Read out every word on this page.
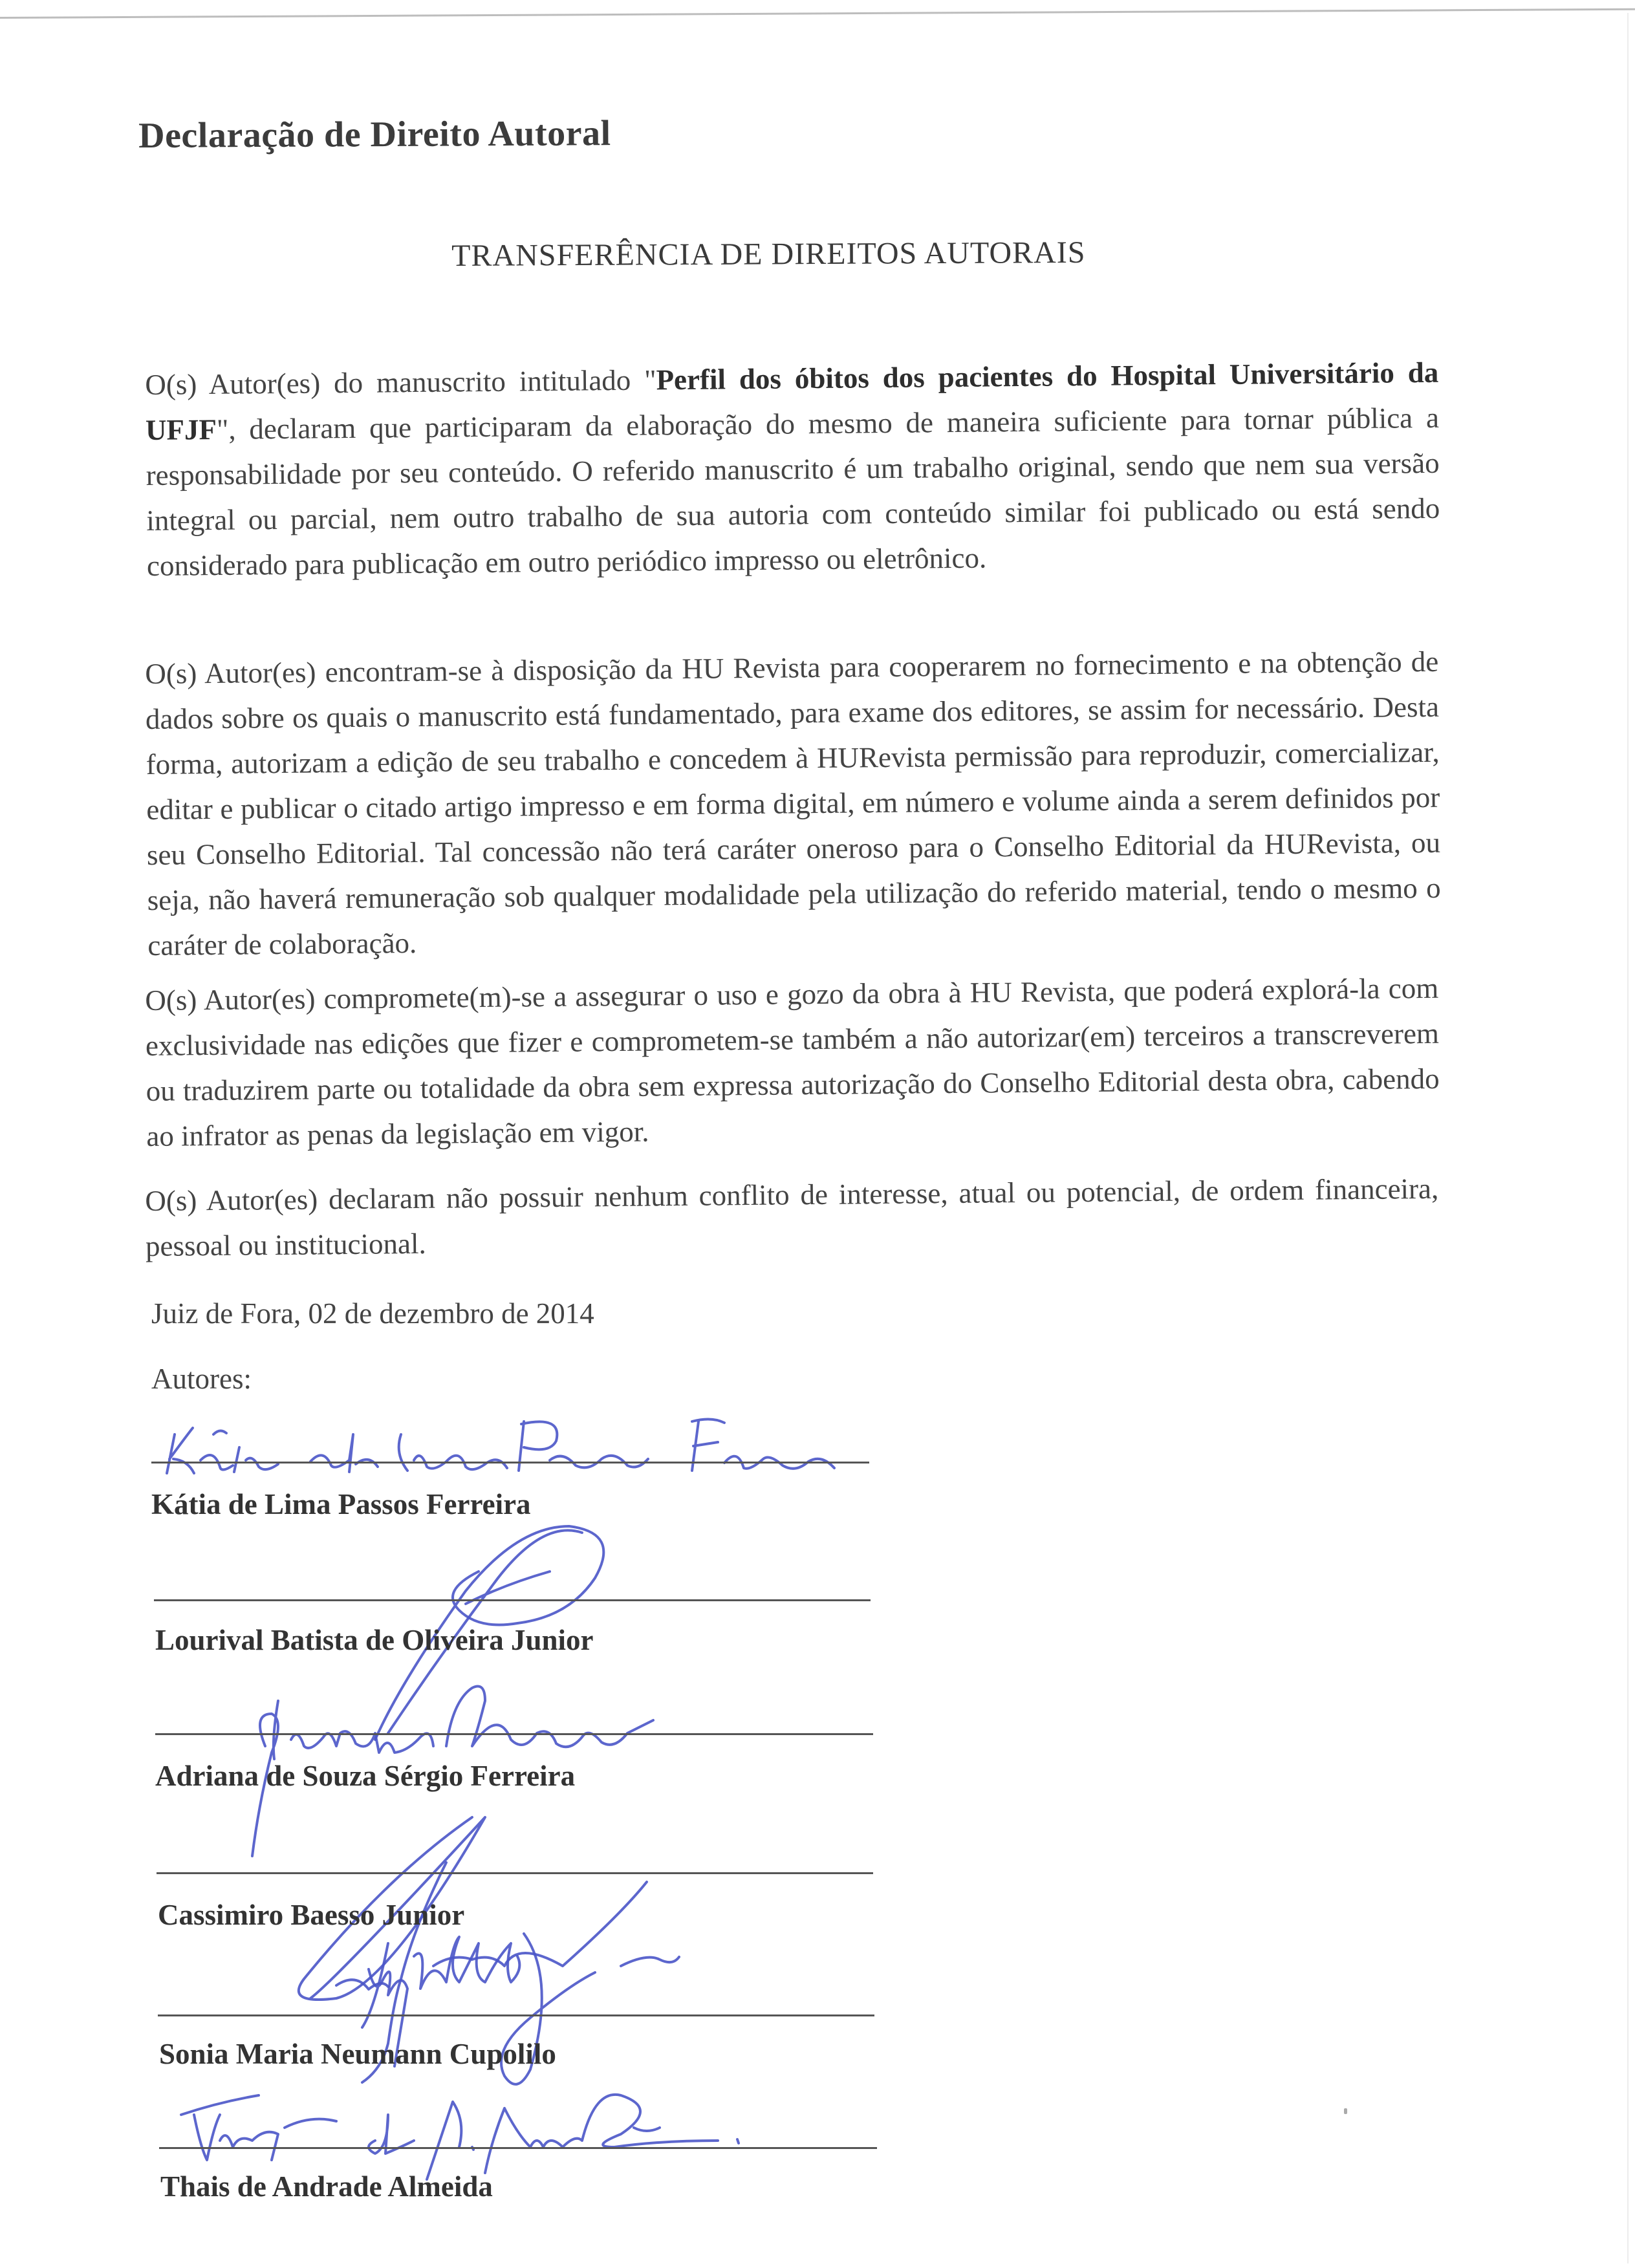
Declaração de Direito Autoral
TRANSFERÊNCIA DE DIREITOS AUTORAIS
O(s) Autor(es) do manuscrito intitulado "Perfil dos óbitos dos pacientes do Hospital Universitário da UFJF", declaram que participaram da elaboração do mesmo de maneira suficiente para tornar pública a responsabilidade por seu conteúdo. O referido manuscrito é um trabalho original, sendo que nem sua versão integral ou parcial, nem outro trabalho de sua autoria com conteúdo similar foi publicado ou está sendo considerado para publicação em outro periódico impresso ou eletrônico.
O(s) Autor(es) encontram-se à disposição da HU Revista para cooperarem no fornecimento e na obtenção de dados sobre os quais o manuscrito está fundamentado, para exame dos editores, se assim for necessário. Desta forma, autorizam a edição de seu trabalho e concedem à HURevista permissão para reproduzir, comercializar, editar e publicar o citado artigo impresso e em forma digital, em número e volume ainda a serem definidos por seu Conselho Editorial. Tal concessão não terá caráter oneroso para o Conselho Editorial da HURevista, ou seja, não haverá remuneração sob qualquer modalidade pela utilização do referido material, tendo o mesmo o caráter de colaboração.
O(s) Autor(es) compromete(m)-se a assegurar o uso e gozo da obra à HU Revista, que poderá explorá-la com exclusividade nas edições que fizer e comprometem-se também a não autorizar(em) terceiros a transcreverem ou traduzirem parte ou totalidade da obra sem expressa autorização do Conselho Editorial desta obra, cabendo ao infrator as penas da legislação em vigor.
O(s) Autor(es) declaram não possuir nenhum conflito de interesse, atual ou potencial, de ordem financeira, pessoal ou institucional.
Juiz de Fora, 02 de dezembro de 2014
Autores:
Kátia de Lima Passos Ferreira
Lourival Batista de Oliveira Junior
Adriana de Souza Sérgio Ferreira
Cassimiro Baesso Junior
Sonia Maria Neumann Cupolilo
Thais de Andrade Almeida
